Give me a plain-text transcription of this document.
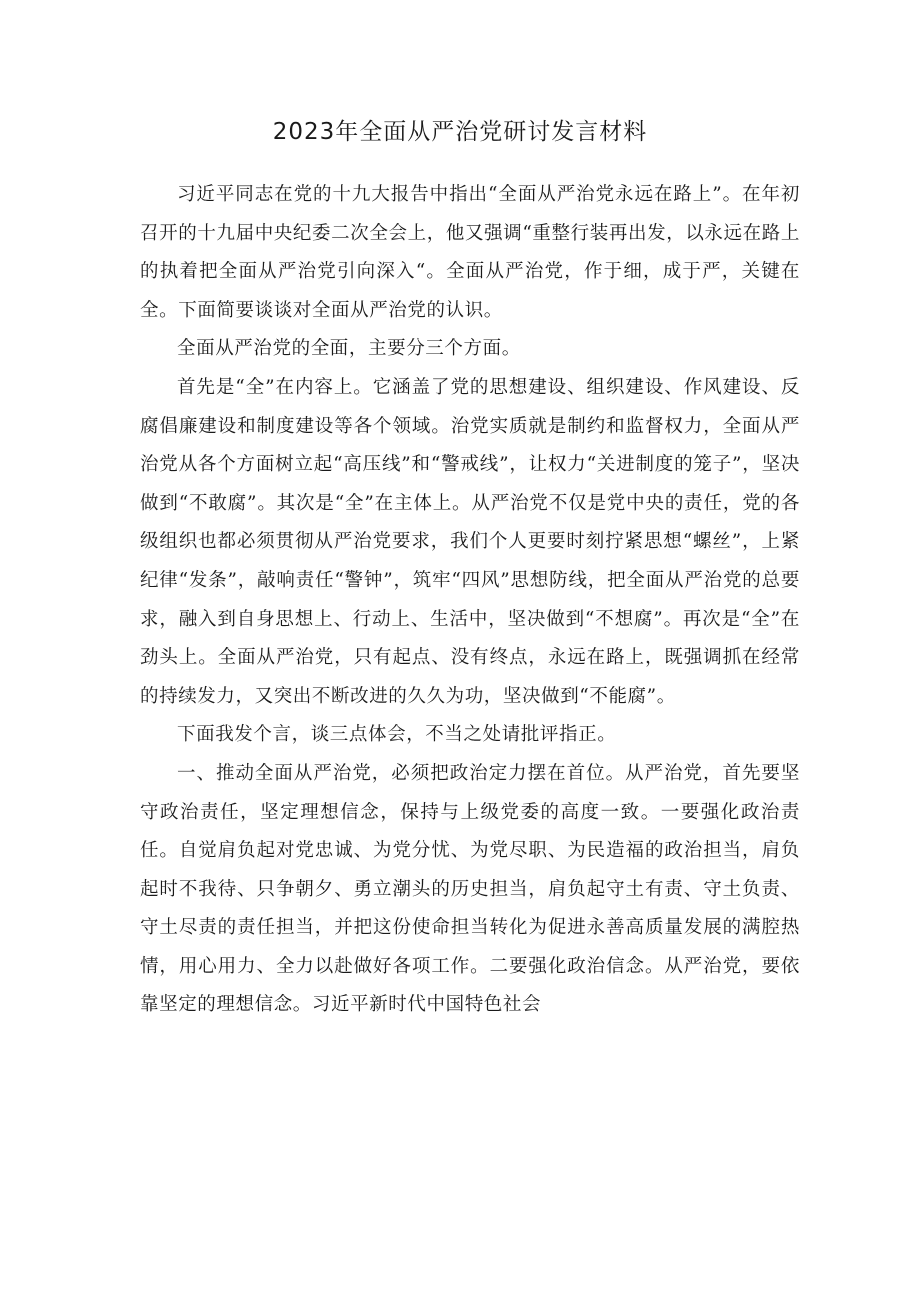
2023年全面从严治党研讨发言材料

习近平同志在党的十九大报告中指出“全面从严治党永远在路上”。在年初召开的十九届中央纪委二次全会上，他又强调“重整行装再出发，以永远在路上的执着把全面从严治党引向深入“。全面从严治党，作于细，成于严，关键在全。下面简要谈谈对全面从严治党的认识。

全面从严治党的全面，主要分三个方面。

首先是“全”在内容上。它涵盖了党的思想建设、组织建设、作风建设、反腐倡廉建设和制度建设等各个领域。治党实质就是制约和监督权力，全面从严治党从各个方面树立起“高压线”和“警戒线”，让权力“关进制度的笼子”，坚决做到“不敢腐”。其次是“全”在主体上。从严治党不仅是党中央的责任，党的各级组织也都必须贯彻从严治党要求，我们个人更要时刻拧紧思想“螺丝”，上紧纪律“发条”，敲响责任“警钟”，筑牢“四风”思想防线，把全面从严治党的总要求，融入到自身思想上、行动上、生活中，坚决做到“不想腐”。再次是“全”在劲头上。全面从严治党，只有起点、没有终点，永远在路上，既强调抓在经常的持续发力，又突出不断改进的久久为功，坚决做到“不能腐”。

下面我发个言，谈三点体会，不当之处请批评指正。

一、推动全面从严治党，必须把政治定力摆在首位。从严治党，首先要坚守政治责任，坚定理想信念，保持与上级党委的高度一致。一要强化政治责任。自觉肩负起对党忠诚、为党分忧、为党尽职、为民造福的政治担当，肩负起时不我待、只争朝夕、勇立潮头的历史担当，肩负起守土有责、守土负责、守土尽责的责任担当，并把这份使命担当转化为促进永善高质量发展的满腔热情，用心用力、全力以赴做好各项工作。二要强化政治信念。从严治党，要依靠坚定的理想信念。习近平新时代中国特色社会
